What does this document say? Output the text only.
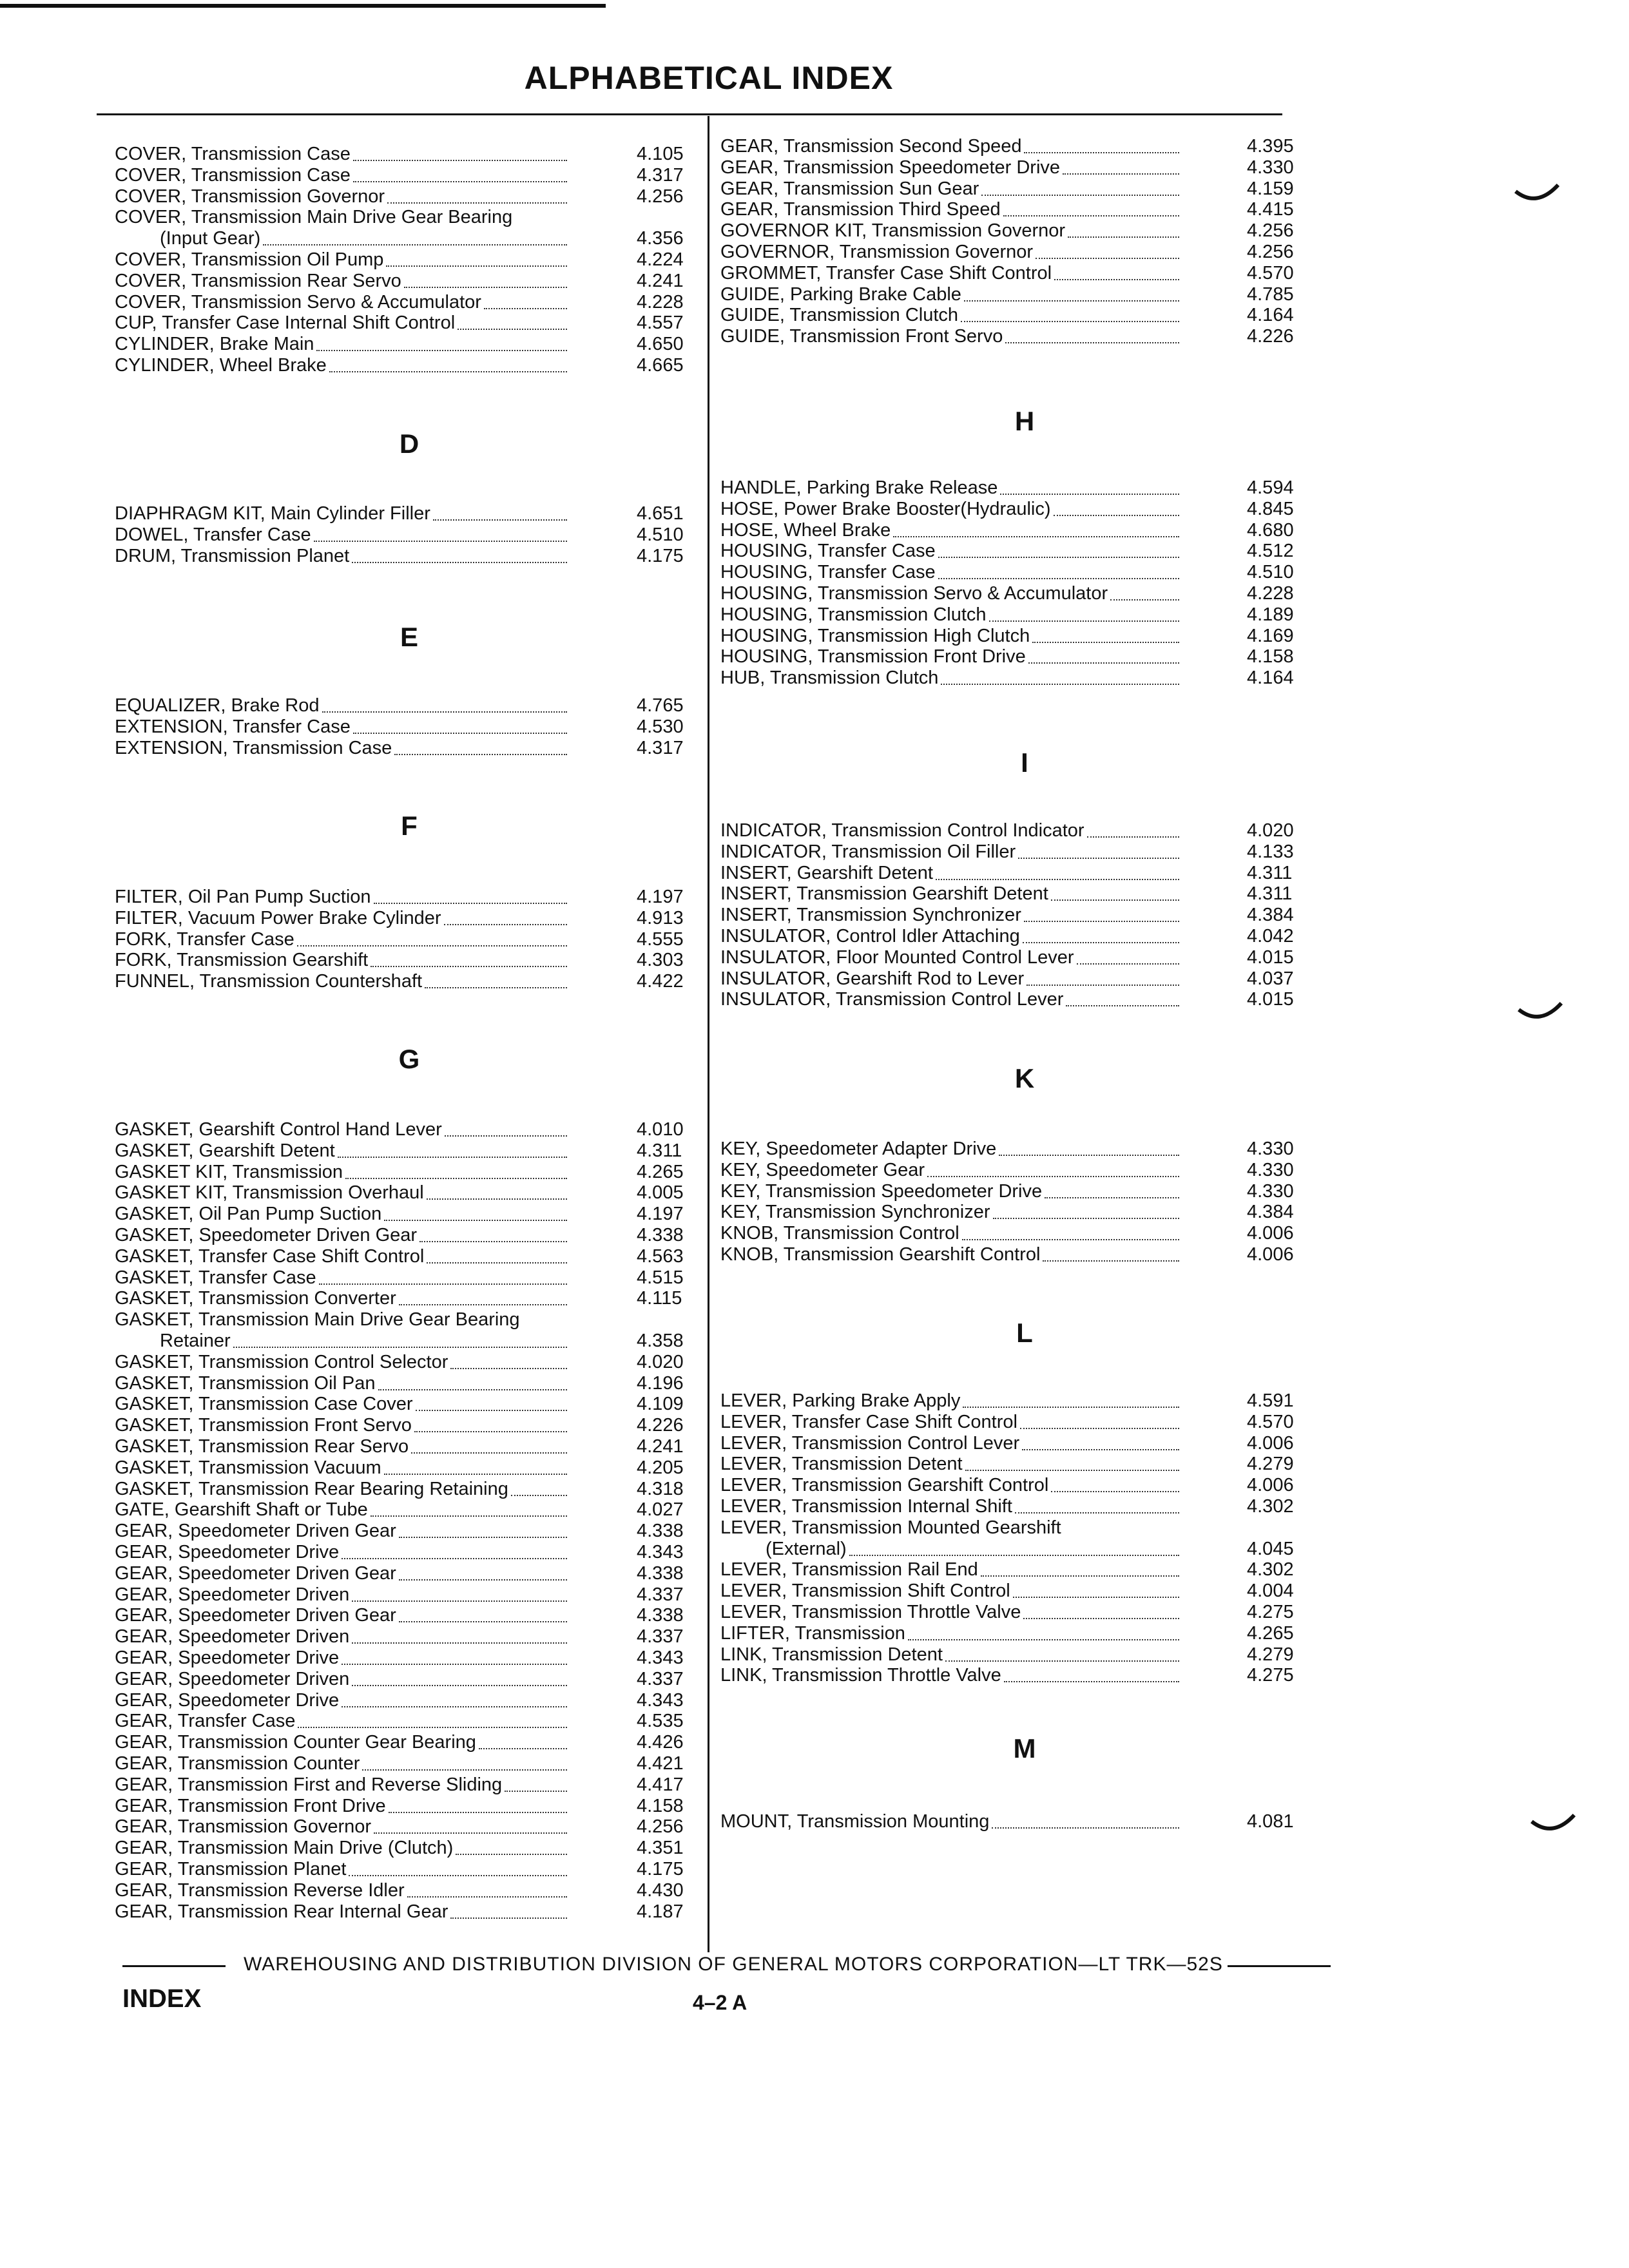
ALPHABETICAL INDEX
COVER, Transmission Case	4.105
COVER, Transmission Case	4.317
COVER, Transmission Governor	4.256
COVER, Transmission Main Drive Gear Bearing
(Input Gear)	4.356
COVER, Transmission Oil Pump	4.224
COVER, Transmission Rear Servo	4.241
COVER, Transmission Servo & Accumulator	4.228
CUP, Transfer Case Internal Shift Control	4.557
CYLINDER, Brake Main	4.650
CYLINDER, Wheel Brake	4.665
D
DIAPHRAGM KIT, Main Cylinder Filler	4.651
DOWEL, Transfer Case	4.510
DRUM, Transmission Planet	4.175
E
EQUALIZER, Brake Rod	4.765
EXTENSION, Transfer Case	4.530
EXTENSION, Transmission Case	4.317
F
FILTER, Oil Pan Pump Suction	4.197
FILTER, Vacuum Power Brake Cylinder	4.913
FORK, Transfer Case	4.555
FORK, Transmission Gearshift	4.303
FUNNEL, Transmission Countershaft	4.422
G
GASKET, Gearshift Control Hand Lever	4.010
GASKET, Gearshift Detent	4.311
GASKET KIT, Transmission	4.265
GASKET KIT, Transmission Overhaul	4.005
GASKET, Oil Pan Pump Suction	4.197
GASKET, Speedometer Driven Gear	4.338
GASKET, Transfer Case Shift Control	4.563
GASKET, Transfer Case	4.515
GASKET, Transmission Converter	4.115
GASKET, Transmission Main Drive Gear Bearing
Retainer	4.358
GASKET, Transmission Control Selector	4.020
GASKET, Transmission Oil Pan	4.196
GASKET, Transmission Case Cover	4.109
GASKET, Transmission Front Servo	4.226
GASKET, Transmission Rear Servo	4.241
GASKET, Transmission Vacuum	4.205
GASKET, Transmission Rear Bearing Retaining	4.318
GATE, Gearshift Shaft or Tube	4.027
GEAR, Speedometer Driven Gear	4.338
GEAR, Speedometer Drive	4.343
GEAR, Speedometer Driven Gear	4.338
GEAR, Speedometer Driven	4.337
GEAR, Speedometer Driven Gear	4.338
GEAR, Speedometer Driven	4.337
GEAR, Speedometer Drive	4.343
GEAR, Speedometer Driven	4.337
GEAR, Speedometer Drive	4.343
GEAR, Transfer Case	4.535
GEAR, Transmission Counter Gear Bearing	4.426
GEAR, Transmission Counter	4.421
GEAR, Transmission First and Reverse Sliding	4.417
GEAR, Transmission Front Drive	4.158
GEAR, Transmission Governor	4.256
GEAR, Transmission Main Drive (Clutch)	4.351
GEAR, Transmission Planet	4.175
GEAR, Transmission Reverse Idler	4.430
GEAR, Transmission Rear Internal Gear	4.187
GEAR, Transmission Second Speed	4.395
GEAR, Transmission Speedometer Drive	4.330
GEAR, Transmission Sun Gear	4.159
GEAR, Transmission Third Speed	4.415
GOVERNOR KIT, Transmission Governor	4.256
GOVERNOR, Transmission Governor	4.256
GROMMET, Transfer Case Shift Control	4.570
GUIDE, Parking Brake Cable	4.785
GUIDE, Transmission Clutch	4.164
GUIDE, Transmission Front Servo	4.226
H
HANDLE, Parking Brake Release	4.594
HOSE, Power Brake Booster(Hydraulic)	4.845
HOSE, Wheel Brake	4.680
HOUSING, Transfer Case	4.512
HOUSING, Transfer Case	4.510
HOUSING, Transmission Servo & Accumulator	4.228
HOUSING, Transmission Clutch	4.189
HOUSING, Transmission High Clutch	4.169
HOUSING, Transmission Front Drive	4.158
HUB, Transmission Clutch	4.164
I
INDICATOR, Transmission Control Indicator	4.020
INDICATOR, Transmission Oil Filler	4.133
INSERT, Gearshift Detent	4.311
INSERT, Transmission Gearshift Detent	4.311
INSERT, Transmission Synchronizer	4.384
INSULATOR, Control Idler Attaching	4.042
INSULATOR, Floor Mounted Control Lever	4.015
INSULATOR, Gearshift Rod to Lever	4.037
INSULATOR, Transmission Control Lever	4.015
K
KEY, Speedometer Adapter Drive	4.330
KEY, Speedometer Gear	4.330
KEY, Transmission Speedometer Drive	4.330
KEY, Transmission Synchronizer	4.384
KNOB, Transmission Control	4.006
KNOB, Transmission Gearshift Control	4.006
L
LEVER, Parking Brake Apply	4.591
LEVER, Transfer Case Shift Control	4.570
LEVER, Transmission Control Lever	4.006
LEVER, Transmission Detent	4.279
LEVER, Transmission Gearshift Control	4.006
LEVER, Transmission Internal Shift	4.302
LEVER, Transmission Mounted Gearshift
(External)	4.045
LEVER, Transmission Rail End	4.302
LEVER, Transmission Shift Control	4.004
LEVER, Transmission Throttle Valve	4.275
LIFTER, Transmission	4.265
LINK, Transmission Detent	4.279
LINK, Transmission Throttle Valve	4.275
M
MOUNT, Transmission Mounting	4.081
WAREHOUSING AND DISTRIBUTION DIVISION OF GENERAL MOTORS CORPORATION—LT TRK—52S
INDEX	4–2 A
